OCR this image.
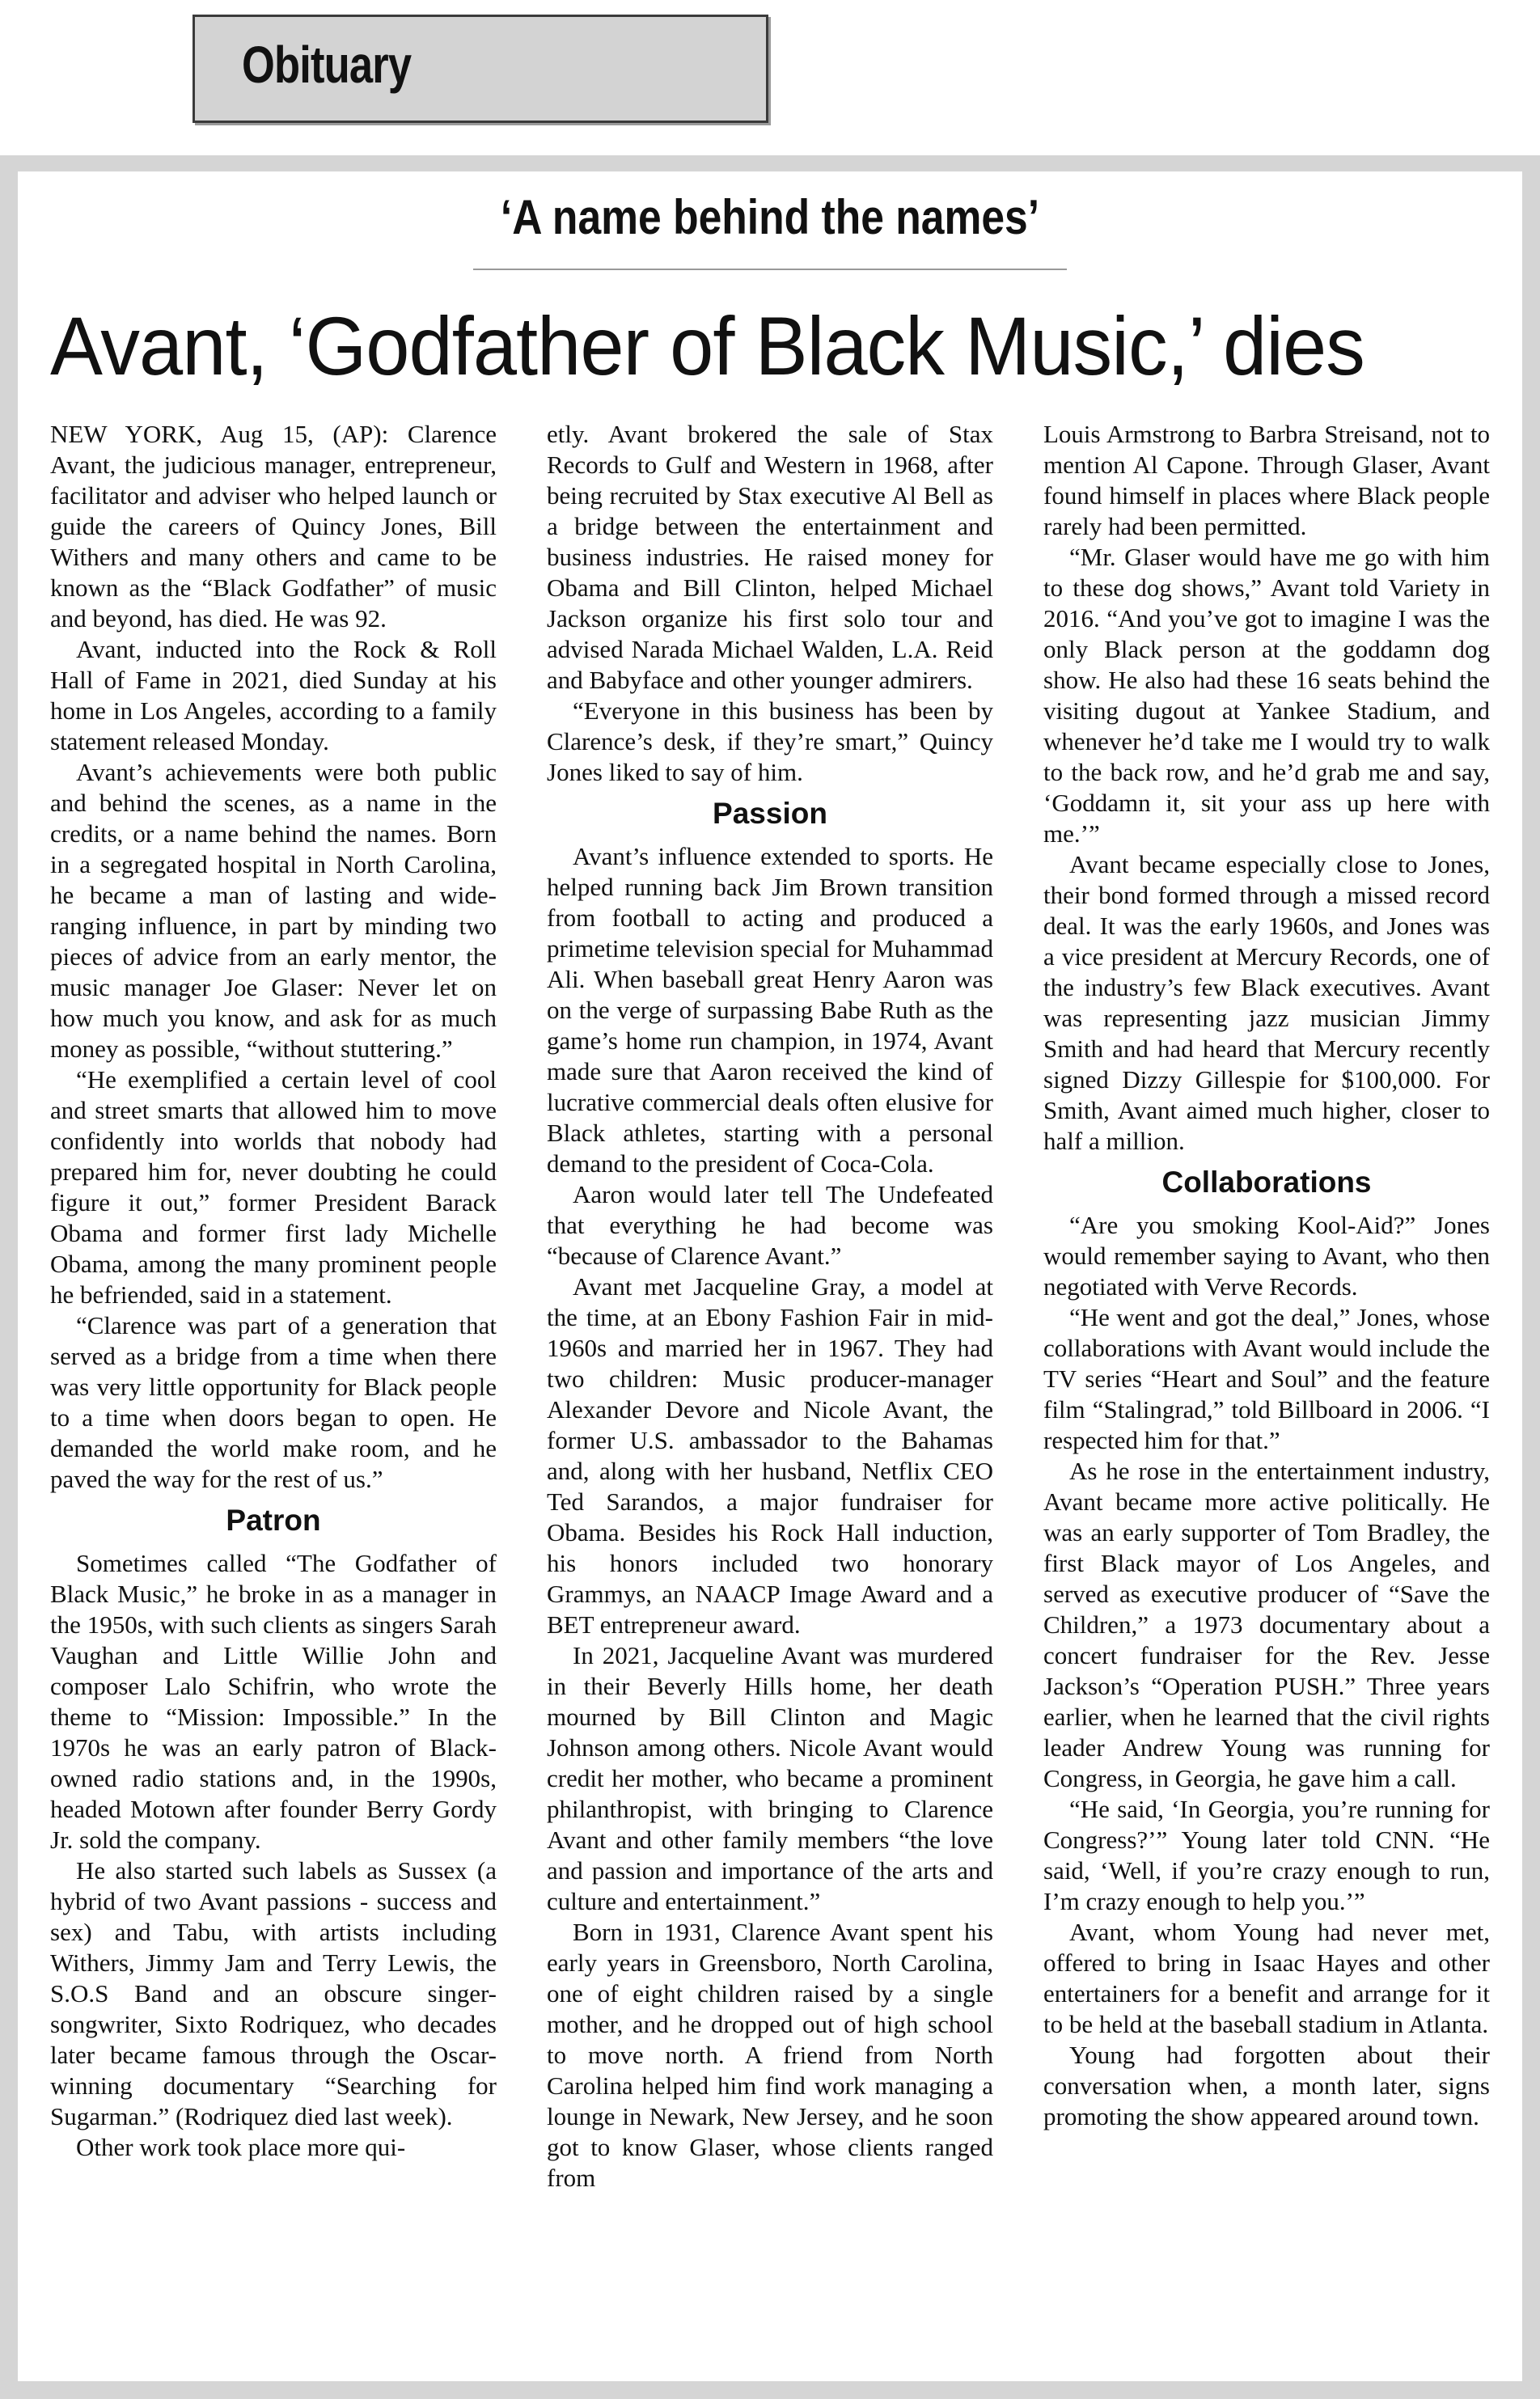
Obituary
‘A name behind the names’
Avant, ‘Godfather of Black Music,’ dies

NEW YORK, Aug 15, (AP): Clarence Avant, the judicious manager, entrepreneur, facilitator and adviser who helped launch or guide the careers of Quincy Jones, Bill Withers and many others and came to be known as the “Black Godfather” of music and beyond, has died. He was 92.

Avant, inducted into the Rock & Roll Hall of Fame in 2021, died Sunday at his home in Los Angeles, according to a family statement released Monday.

Avant’s achievements were both public and behind the scenes, as a name in the credits, or a name behind the names. Born in a segregated hospital in North Carolina, he became a man of lasting and wide-ranging influence, in part by minding two pieces of advice from an early mentor, the music manager Joe Glaser: Never let on how much you know, and ask for as much money as possible, “without stuttering.”

“He exemplified a certain level of cool and street smarts that allowed him to move confidently into worlds that nobody had prepared him for, never doubting he could figure it out,” former President Barack Obama and former first lady Michelle Obama, among the many prominent people he befriended, said in a statement.

“Clarence was part of a generation that served as a bridge from a time when there was very little opportunity for Black people to a time when doors began to open. He demanded the world make room, and he paved the way for the rest of us.”

Patron

Sometimes called “The Godfather of Black Music,” he broke in as a manager in the 1950s, with such clients as singers Sarah Vaughan and Little Willie John and composer Lalo Schifrin, who wrote the theme to “Mission: Impossible.” In the 1970s he was an early patron of Black-owned radio stations and, in the 1990s, headed Motown after founder Berry Gordy Jr. sold the company.

He also started such labels as Sussex (a hybrid of two Avant passions - success and sex) and Tabu, with artists including Withers, Jimmy Jam and Terry Lewis, the S.O.S Band and an obscure singer-songwriter, Sixto Rodriquez, who decades later became famous through the Oscar-winning documentary “Searching for Sugarman.” (Rodriquez died last week).

Other work took place more qui-

etly. Avant brokered the sale of Stax Records to Gulf and Western in 1968, after being recruited by Stax executive Al Bell as a bridge between the entertainment and business industries. He raised money for Obama and Bill Clinton, helped Michael Jackson organize his first solo tour and advised Narada Michael Walden, L.A. Reid and Babyface and other younger admirers.

“Everyone in this business has been by Clarence’s desk, if they’re smart,” Quincy Jones liked to say of him.

Passion

Avant’s influence extended to sports. He helped running back Jim Brown transition from football to acting and produced a primetime television special for Muhammad Ali. When baseball great Henry Aaron was on the verge of surpassing Babe Ruth as the game’s home run champion, in 1974, Avant made sure that Aaron received the kind of lucrative commercial deals often elusive for Black athletes, starting with a personal demand to the president of Coca-Cola.

Aaron would later tell The Undefeated that everything he had become was “because of Clarence Avant.”

Avant met Jacqueline Gray, a model at the time, at an Ebony Fashion Fair in mid-1960s and married her in 1967. They had two children: Music producer-manager Alexander Devore and Nicole Avant, the former U.S. ambassador to the Bahamas and, along with her husband, Netflix CEO Ted Sarandos, a major fundraiser for Obama. Besides his Rock Hall induction, his honors included two honorary Grammys, an NAACP Image Award and a BET entrepreneur award.

In 2021, Jacqueline Avant was murdered in their Beverly Hills home, her death mourned by Bill Clinton and Magic Johnson among others. Nicole Avant would credit her mother, who became a prominent philanthropist, with bringing to Clarence Avant and other family members “the love and passion and importance of the arts and culture and entertainment.”

Born in 1931, Clarence Avant spent his early years in Greensboro, North Carolina, one of eight children raised by a single mother, and he dropped out of high school to move north. A friend from North Carolina helped him find work managing a lounge in Newark, New Jersey, and he soon got to know Glaser, whose clients ranged from

Louis Armstrong to Barbra Streisand, not to mention Al Capone. Through Glaser, Avant found himself in places where Black people rarely had been permitted.

“Mr. Glaser would have me go with him to these dog shows,” Avant told Variety in 2016. “And you’ve got to imagine I was the only Black person at the goddamn dog show. He also had these 16 seats behind the visiting dugout at Yankee Stadium, and whenever he’d take me I would try to walk to the back row, and he’d grab me and say, ‘Goddamn it, sit your ass up here with me.’”

Avant became especially close to Jones, their bond formed through a missed record deal. It was the early 1960s, and Jones was a vice president at Mercury Records, one of the industry’s few Black executives. Avant was representing jazz musician Jimmy Smith and had heard that Mercury recently signed Dizzy Gillespie for $100,000. For Smith, Avant aimed much higher, closer to half a million.

Collaborations

“Are you smoking Kool-Aid?” Jones would remember saying to Avant, who then negotiated with Verve Records.

“He went and got the deal,” Jones, whose collaborations with Avant would include the TV series “Heart and Soul” and the feature film “Stalingrad,” told Billboard in 2006. “I respected him for that.”

As he rose in the entertainment industry, Avant became more active politically. He was an early supporter of Tom Bradley, the first Black mayor of Los Angeles, and served as executive producer of “Save the Children,” a 1973 documentary about a concert fundraiser for the Rev. Jesse Jackson’s “Operation PUSH.” Three years earlier, when he learned that the civil rights leader Andrew Young was running for Congress, in Georgia, he gave him a call.

“He said, ‘In Georgia, you’re running for Congress?’” Young later told CNN. “He said, ‘Well, if you’re crazy enough to run, I’m crazy enough to help you.’”

Avant, whom Young had never met, offered to bring in Isaac Hayes and other entertainers for a benefit and arrange for it to be held at the baseball stadium in Atlanta.

Young had forgotten about their conversation when, a month later, signs promoting the show appeared around town.
